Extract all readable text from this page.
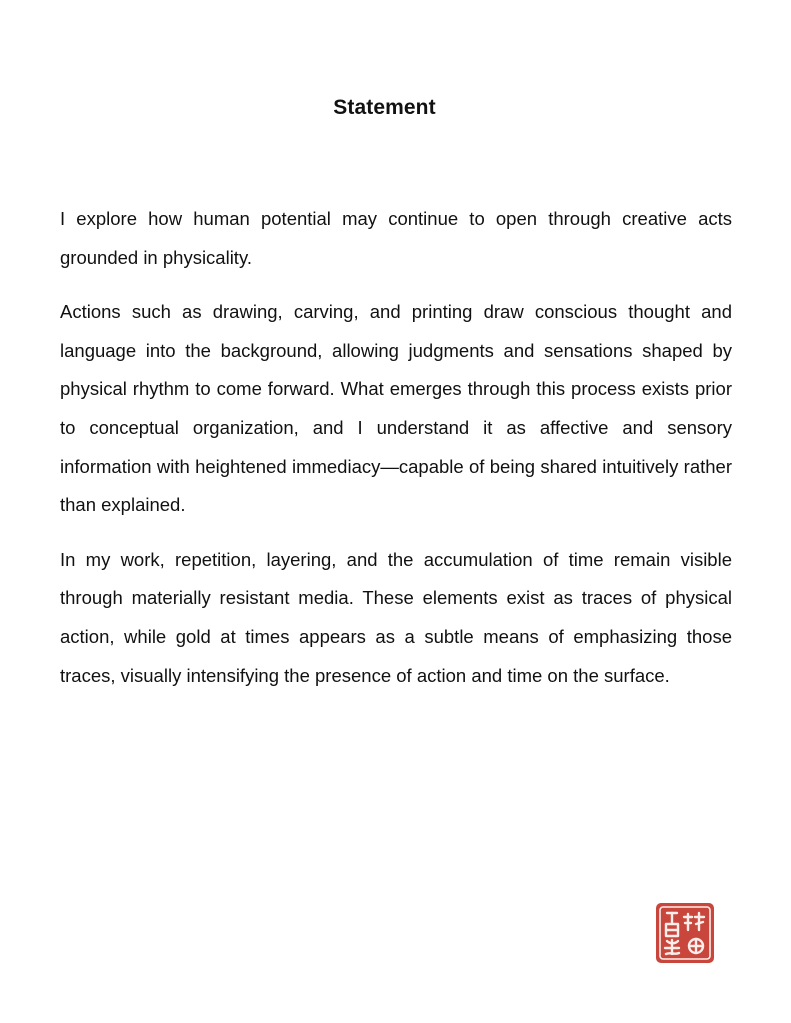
Statement

I explore how human potential may continue to open through creative acts grounded in physicality.

Actions such as drawing, carving, and printing draw conscious thought and language into the background, allowing judgments and sensations shaped by physical rhythm to come forward. What emerges through this process exists prior to conceptual organization, and I understand it as affective and sensory information with heightened immediacy—capable of being shared intuitively rather than explained.

In my work, repetition, layering, and the accumulation of time remain visible through materially resistant media. These elements exist as traces of physical action, while gold at times appears as a subtle means of emphasizing those traces, visually intensifying the presence of action and time on the surface.
